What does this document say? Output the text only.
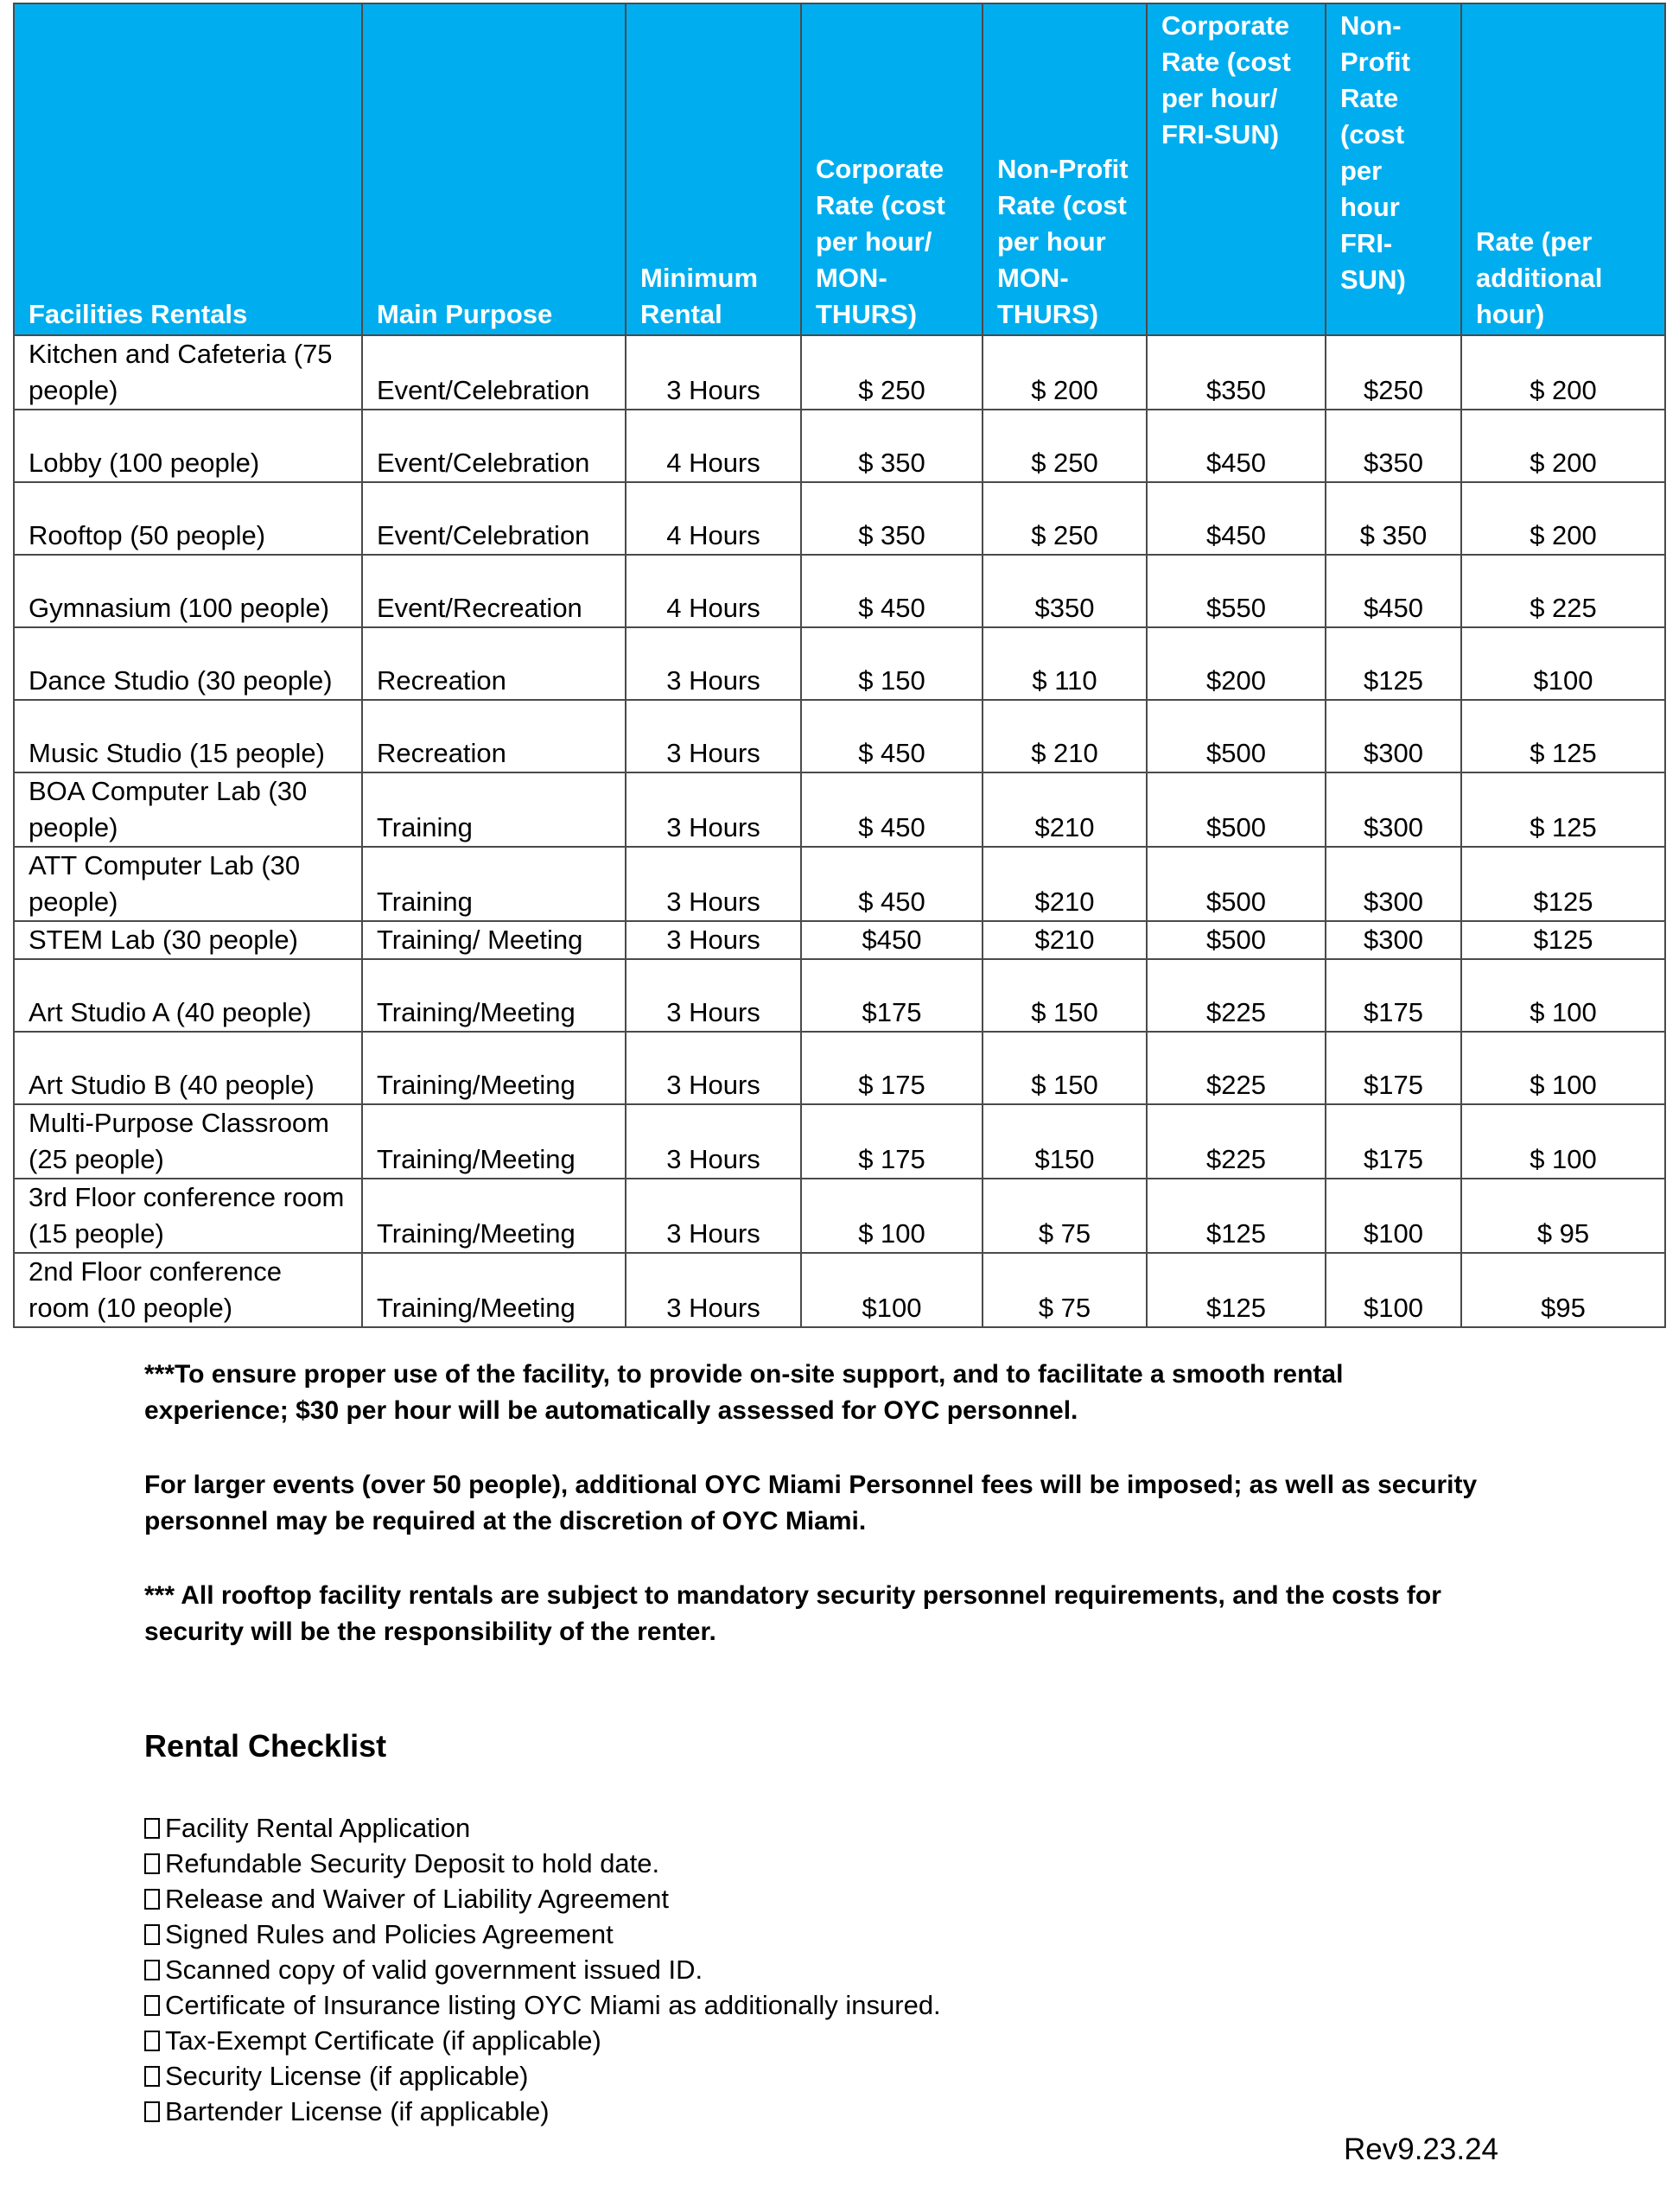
Facilities Rentals	Main Purpose	Minimum Rental	Corporate Rate (cost per hour/ MON-THURS)	Non-Profit Rate (cost per hour MON-THURS)	Corporate Rate (cost per hour/ FRI-SUN)	Non-Profit Rate (cost per hour FRI-SUN)	Rate (per additional hour)
Kitchen and Cafeteria (75 people)	Event/Celebration	3 Hours	$ 250	$ 200	$350	$250	$ 200
Lobby (100 people)	Event/Celebration	4 Hours	$ 350	$ 250	$450	$350	$ 200
Rooftop (50 people)	Event/Celebration	4 Hours	$ 350	$ 250	$450	$ 350	$ 200
Gymnasium (100 people)	Event/Recreation	4 Hours	$ 450	$350	$550	$450	$ 225
Dance Studio (30 people)	Recreation	3 Hours	$ 150	$ 110	$200	$125	$100
Music Studio (15 people)	Recreation	3 Hours	$ 450	$ 210	$500	$300	$ 125
BOA Computer Lab (30 people)	Training	3 Hours	$ 450	$210	$500	$300	$ 125
ATT Computer Lab (30 people)	Training	3 Hours	$ 450	$210	$500	$300	$125
STEM Lab (30 people)	Training/ Meeting	3 Hours	$450	$210	$500	$300	$125
Art Studio A (40 people)	Training/Meeting	3 Hours	$175	$ 150	$225	$175	$ 100
Art Studio B (40 people)	Training/Meeting	3 Hours	$ 175	$ 150	$225	$175	$ 100
Multi-Purpose Classroom (25 people)	Training/Meeting	3 Hours	$ 175	$150	$225	$175	$ 100
3rd Floor conference room (15 people)	Training/Meeting	3 Hours	$ 100	$ 75	$125	$100	$ 95
2nd Floor conference room (10 people)	Training/Meeting	3 Hours	$100	$ 75	$125	$100	$95

***To ensure proper use of the facility, to provide on-site support, and to facilitate a smooth rental experience; $30 per hour will be automatically assessed for OYC personnel.

For larger events (over 50 people), additional OYC Miami Personnel fees will be imposed; as well as security personnel may be required at the discretion of OYC Miami.

*** All rooftop facility rentals are subject to mandatory security personnel requirements, and the costs for security will be the responsibility of the renter.

Rental Checklist
Facility Rental Application
Refundable Security Deposit to hold date.
Release and Waiver of Liability Agreement
Signed Rules and Policies Agreement
Scanned copy of valid government issued ID.
Certificate of Insurance listing OYC Miami as additionally insured.
Tax-Exempt Certificate (if applicable)
Security License (if applicable)
Bartender License (if applicable)
Rev9.23.24
